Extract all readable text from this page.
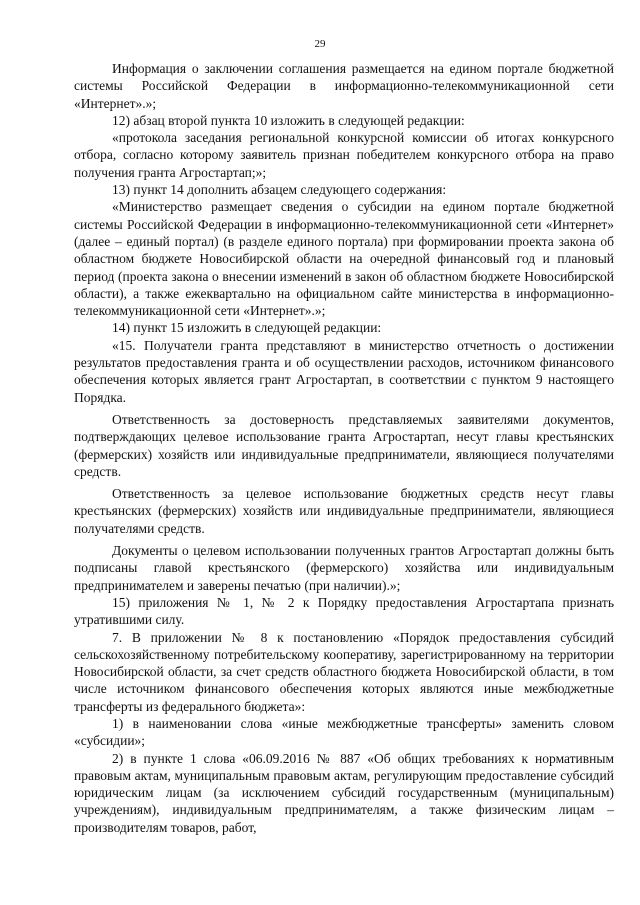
29

Информация о заключении соглашения размещается на едином портале бюджетной системы Российской Федерации в информационно-телекоммуникационной сети «Интернет».»;

12) абзац второй пункта 10 изложить в следующей редакции:

«протокола заседания региональной конкурсной комиссии об итогах конкурсного отбора, согласно которому заявитель признан победителем конкурсного отбора на право получения гранта Агростартап;»;

13) пункт 14 дополнить абзацем следующего содержания:

«Министерство размещает сведения о субсидии на едином портале бюджетной системы Российской Федерации в информационно-телекоммуникационной сети «Интернет» (далее – единый портал) (в разделе единого портала) при формировании проекта закона об областном бюджете Новосибирской области на очередной финансовый год и плановый период (проекта закона о внесении изменений в закон об областном бюджете Новосибирской области), а также ежеквартально на официальном сайте министерства в информационно-телекоммуникационной сети «Интернет».»;

14) пункт 15 изложить в следующей редакции:

«15. Получатели гранта представляют в министерство отчетность о достижении результатов предоставления гранта и об осуществлении расходов, источником финансового обеспечения которых является грант Агростартап, в соответствии с пунктом 9 настоящего Порядка.

Ответственность за достоверность представляемых заявителями документов, подтверждающих целевое использование гранта Агростартап, несут главы крестьянских (фермерских) хозяйств или индивидуальные предприниматели, являющиеся получателями средств.

Ответственность за целевое использование бюджетных средств несут главы крестьянских (фермерских) хозяйств или индивидуальные предприниматели, являющиеся получателями средств.

Документы о целевом использовании полученных грантов Агростартап должны быть подписаны главой крестьянского (фермерского) хозяйства или индивидуальным предпринимателем и заверены печатью (при наличии).»;

15) приложения № 1, № 2 к Порядку предоставления Агростартапа признать утратившими силу.

7. В приложении № 8 к постановлению «Порядок предоставления субсидий сельскохозяйственному потребительскому кооперативу, зарегистрированному на территории Новосибирской области, за счет средств областного бюджета Новосибирской области, в том числе источником финансового обеспечения которых являются иные межбюджетные трансферты из федерального бюджета»:

1) в наименовании слова «иные межбюджетные трансферты» заменить словом «субсидии»;

2) в пункте 1 слова «06.09.2016 № 887 «Об общих требованиях к нормативным правовым актам, муниципальным правовым актам, регулирующим предоставление субсидий юридическим лицам (за исключением субсидий государственным (муниципальным) учреждениям), индивидуальным предпринимателям, а также физическим лицам – производителям товаров, работ,
